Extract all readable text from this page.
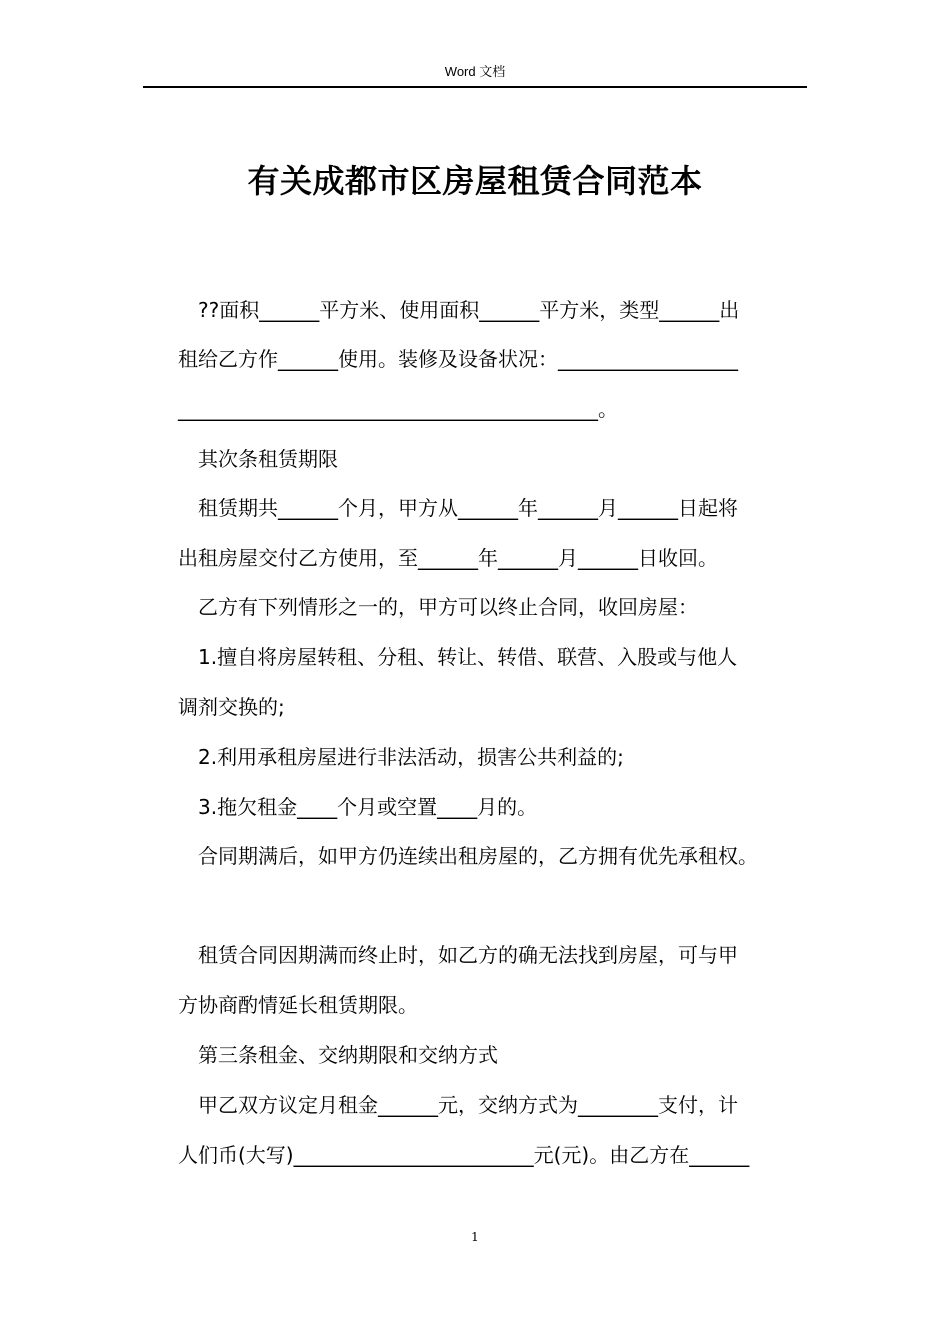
Word 文档
有关成都市区房屋租赁合同范本
??面积______平方米、使用面积______平方米，类型______出
租给乙方作______使用。装修及设备状况：__________________
__________________________________________。
其次条租赁期限
租赁期共______个月，甲方从______年______月______日起将
出租房屋交付乙方使用，至______年______月______日收回。
乙方有下列情形之一的，甲方可以终止合同，收回房屋：
1.擅自将房屋转租、分租、转让、转借、联营、入股或与他人
调剂交换的;
2.利用承租房屋进行非法活动，损害公共利益的;
3.拖欠租金____个月或空置____月的。
合同期满后，如甲方仍连续出租房屋的，乙方拥有优先承租权。
租赁合同因期满而终止时，如乙方的确无法找到房屋，可与甲
方协商酌情延长租赁期限。
第三条租金、交纳期限和交纳方式
甲乙双方议定月租金______元，交纳方式为________支付，计
人们币(大写)________________________元(元)。由乙方在______
1
